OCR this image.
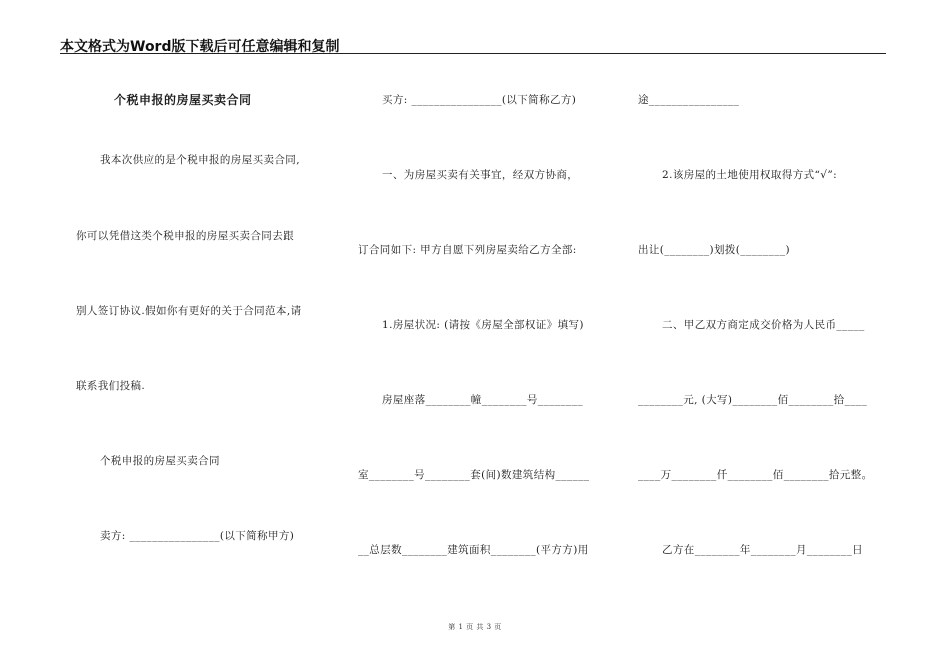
本文格式为Word版下载后可任意编辑和复制
个税申报的房屋买卖合同
我本次供应的是个税申报的房屋买卖合同,
你可以凭借这类个税申报的房屋买卖合同去跟
别人签订协议.假如你有更好的关于合同范本,请
联系我们投稿.
个税申报的房屋买卖合同
卖方: ________________(以下简称甲方)
买方: ________________(以下简称乙方)
一、为房屋买卖有关事宜，经双方协商，
订合同如下: 甲方自愿下列房屋卖给乙方全部:
1.房屋状况: (请按《房屋全部权证》填写)
房屋座落________幢________号________
室________号________套(间)数建筑结构______
__总层数________建筑面积________(平方方)用
途________________
2.该房屋的土地使用权取得方式“√”:
出让(________)划拨(________)
二、甲乙双方商定成交价格为人民币_____
________元, (大写)________佰________拾____
____万________仟________佰________拾元整。
乙方在________年________月________日
第 1 页 共 3 页
